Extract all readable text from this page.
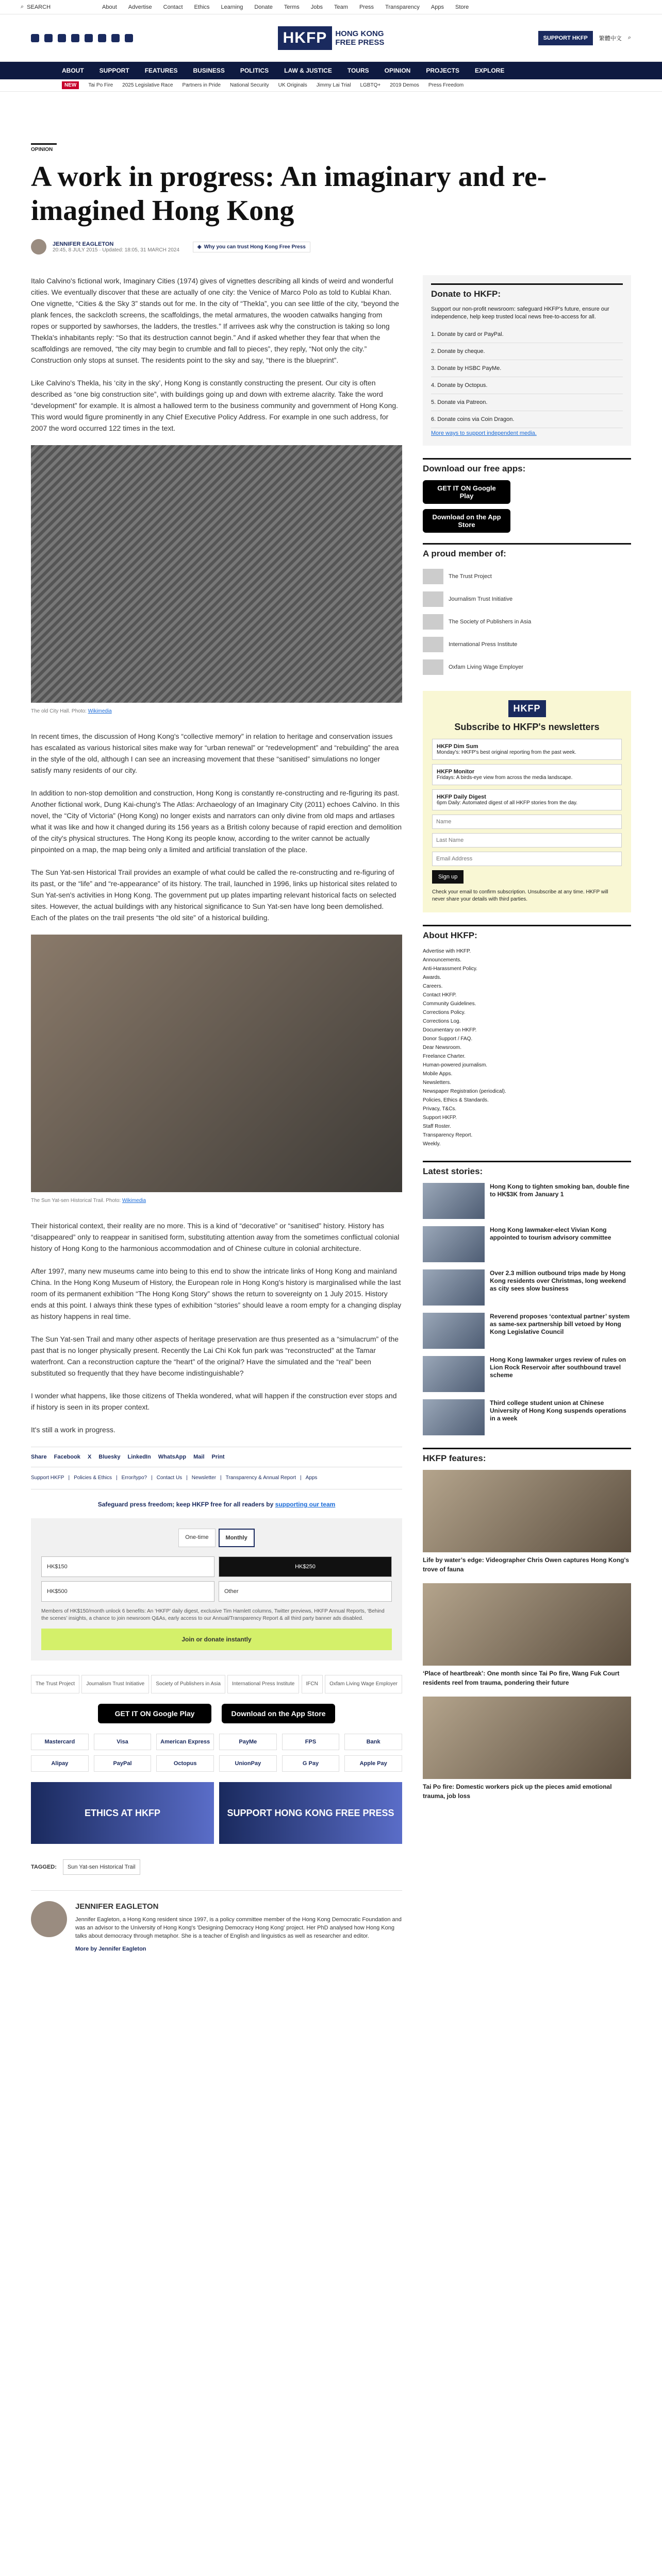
⌕ SEARCH	About Advertise Contact Ethics Learning Donate Terms Jobs Team Press Transparency Apps Store
HKFP	HONG KONG
FREE PRESS	SUPPORT HKFP	繁體中文 ⌕
ABOUT	SUPPORT	FEATURES	BUSINESS	POLITICS	LAW & JUSTICE	TOURS	OPINION	PROJECTS	EXPLORE
NEW	Tai Po Fire 2025 Legislative Race Partners in Pride National Security UK Originals Jimmy Lai Trial LGBTQ+ 2019 Demos Press Freedom
OPINION
A work in progress: An imaginary and re-imagined Hong Kong
JENNIFER EAGLETON
20:45, 8 JULY 2015 · Updated: 18:05, 31 MARCH 2024
◈ Why you can trust Hong Kong Free Press

Italo Calvino's fictional work, Imaginary Cities (1974) gives of vignettes describing all kinds of weird and wonderful cities. We eventually discover that these are actually of one city: the Venice of Marco Polo as told to Kublai Khan. One vignette, “Cities & the Sky 3” stands out for me. In the city of “Thekla”, you can see little of the city, “beyond the plank fences, the sackcloth screens, the scaffoldings, the metal armatures, the wooden catwalks hanging from ropes or supported by sawhorses, the ladders, the trestles.” If arrivees ask why the construction is taking so long Thekla's inhabitants reply: “So that its destruction cannot begin.” And if asked whether they fear that when the scaffoldings are removed, “the city may begin to crumble and fall to pieces”, they reply, “Not only the city.” Construction only stops at sunset. The residents point to the sky and say, “there is the blueprint”.

Like Calvino's Thekla, his ‘city in the sky’, Hong Kong is constantly constructing the present. Our city is often described as “one big construction site”, with buildings going up and down with extreme alacrity. Take the word “development” for example. It is almost a hallowed term to the business community and government of Hong Kong. This word would figure prominently in any Chief Executive Policy Address. For example in one such address, for 2007 the word occurred 122 times in the text.

The old City Hall. Photo: Wikimedia

In recent times, the discussion of Hong Kong's “collective memory” in relation to heritage and conservation issues has escalated as various historical sites make way for “urban renewal” or “redevelopment” and “rebuilding” the area in the style of the old, although I can see an increasing movement that these “sanitised” simulations no longer satisfy many residents of our city.

In addition to non-stop demolition and construction, Hong Kong is constantly re-constructing and re-figuring its past. Another fictional work, Dung Kai-chung's The Atlas: Archaeology of an Imaginary City (2011) echoes Calvino. In this novel, the “City of Victoria” (Hong Kong) no longer exists and narrators can only divine from old maps and artlases what it was like and how it changed during its 156 years as a British colony because of rapid erection and demolition of the city's physical structures. The Hong Kong its people know, according to the writer cannot be actually pinpointed on a map, the map being only a limited and artificial translation of the place.

The Sun Yat-sen Historical Trail provides an example of what could be called the re-constructing and re-figuring of its past, or the “life” and “re-appearance” of its history. The trail, launched in 1996, links up historical sites related to Sun Yat-sen's activities in Hong Kong. The government put up plates imparting relevant historical facts on selected sites. However, the actual buildings with any historical significance to Sun Yat-sen have long been demolished. Each of the plates on the trail presents “the old site” of a historical building.

The Sun Yat-sen Historical Trail. Photo: Wikimedia

Their historical context, their reality are no more. This is a kind of “decorative” or “sanitised” history. History has “disappeared” only to reappear in sanitised form, substituting attention away from the sometimes conflictual colonial history of Hong Kong to the harmonious accommodation and of Chinese culture in colonial architecture.

After 1997, many new museums came into being to this end to show the intricate links of Hong Kong and mainland China. In the Hong Kong Museum of History, the European role in Hong Kong's history is marginalised while the last room of its permanent exhibition “The Hong Kong Story” shows the return to sovereignty on 1 July 2015. History ends at this point. I always think these types of exhibition “stories” should leave a room empty for a changing display as history happens in real time.

The Sun Yat-sen Trail and many other aspects of heritage preservation are thus presented as a “simulacrum” of the past that is no longer physically present. Recently the Lai Chi Kok fun park was “reconstructed” at the Tamar waterfront. Can a reconstruction capture the “heart” of the original? Have the simulated and the “real” been substituted so frequently that they have become indistinguishable?

I wonder what happens, like those citizens of Thekla wondered, what will happen if the construction ever stops and if history is seen in its proper context.

It's still a work in progress.

Share Facebook X Bluesky LinkedIn WhatsApp Mail Print
Support HKFP | Policies & Ethics | Error/typo? | Contact Us | Newsletter | Transparency & Annual Report | Apps
Safeguard press freedom; keep HKFP free for all readers by supporting our team
One-time	Monthly
HK$150	HK$250
HK$500	Other
Members of HK$150/month unlock 6 benefits: An ‘HKFP’ daily digest, exclusive Tim Hamlett columns, Twitter previews, HKFP Annual Reports, ‘Behind the scenes’ insights, a chance to join newsroom Q&As, early access to our Annual/Transparency Report & all third party banner ads disabled.
Join or donate instantly
The Trust Project	Journalism Trust Initiative	Society of Publishers in Asia	International Press Institute	IFCN	Oxfam Living Wage Employer
GET IT ON Google Play	Download on the App Store
Mastercard	Visa	American Express	PayMe	FPS	Bank
Alipay	PayPal	Octopus	UnionPay	G Pay	Apple Pay
ETHICS AT HKFP	SUPPORT HONG KONG FREE PRESS
TAGGED:	Sun Yat-sen Historical Trail
JENNIFER EAGLETON

Jennifer Eagleton, a Hong Kong resident since 1997, is a policy committee member of the Hong Kong Democratic Foundation and was an advisor to the University of Hong Kong's 'Designing Democracy Hong Kong' project. Her PhD analysed how Hong Kong talks about democracy through metaphor. She is a teacher of English and linguistics as well as researcher and editor.

More by Jennifer Eagleton
Donate to HKFP:

Support our non-profit newsroom: safeguard HKFP's future, ensure our independence, help keep trusted local news free-to-access for all.

1. Donate by card or PayPal.
2. Donate by cheque.
3. Donate by HSBC PayMe.
4. Donate by Octopus.
5. Donate via Patreon.
6. Donate coins via Coin Dragon.
More ways to support independent media.
Download our free apps:
GET IT ON Google Play
Download on the App Store
A proud member of:
The Trust Project
Journalism Trust Initiative
The Society of Publishers in Asia
International Press Institute
Oxfam Living Wage Employer
HKFP
Subscribe to HKFP's newsletters
HKFP Dim Sum
Monday's: HKFP's best original reporting from the past week.
HKFP Monitor
Fridays: A birds-eye view from across the media landscape.
HKFP Daily Digest
6pm Daily: Automated digest of all HKFP stories from the day.
Name Last Name Email Address Sign up
Check your email to confirm subscription. Unsubscribe at any time. HKFP will never share your details with third parties.
About HKFP:
Advertise with HKFP.
Announcements.
Anti-Harassment Policy.
Awards.
Careers.
Contact HKFP.
Community Guidelines.
Corrections Policy.
Corrections Log.
Documentary on HKFP.
Donor Support / FAQ.
Dear Newsroom.
Freelance Charter.
Human-powered journalism.
Mobile Apps.
Newsletters.
Newspaper Registration (periodical).
Policies, Ethics & Standards.
Privacy, T&Cs.
Support HKFP.
Staff Roster.
Transparency Report.
Weekly.
Latest stories:
Hong Kong to tighten smoking ban, double fine to HK$3K from January 1
Hong Kong lawmaker-elect Vivian Kong appointed to tourism advisory committee
Over 2.3 million outbound trips made by Hong Kong residents over Christmas, long weekend as city sees slow business
Reverend proposes ‘contextual partner’ system as same-sex partnership bill vetoed by Hong Kong Legislative Council
Hong Kong lawmaker urges review of rules on Lion Rock Reservoir after southbound travel scheme
Third college student union at Chinese University of Hong Kong suspends operations in a week
HKFP features:
Life by water’s edge: Videographer Chris Owen captures Hong Kong's trove of fauna
‘Place of heartbreak’: One month since Tai Po fire, Wang Fuk Court residents reel from trauma, pondering their future
Tai Po fire: Domestic workers pick up the pieces amid emotional trauma, job loss
